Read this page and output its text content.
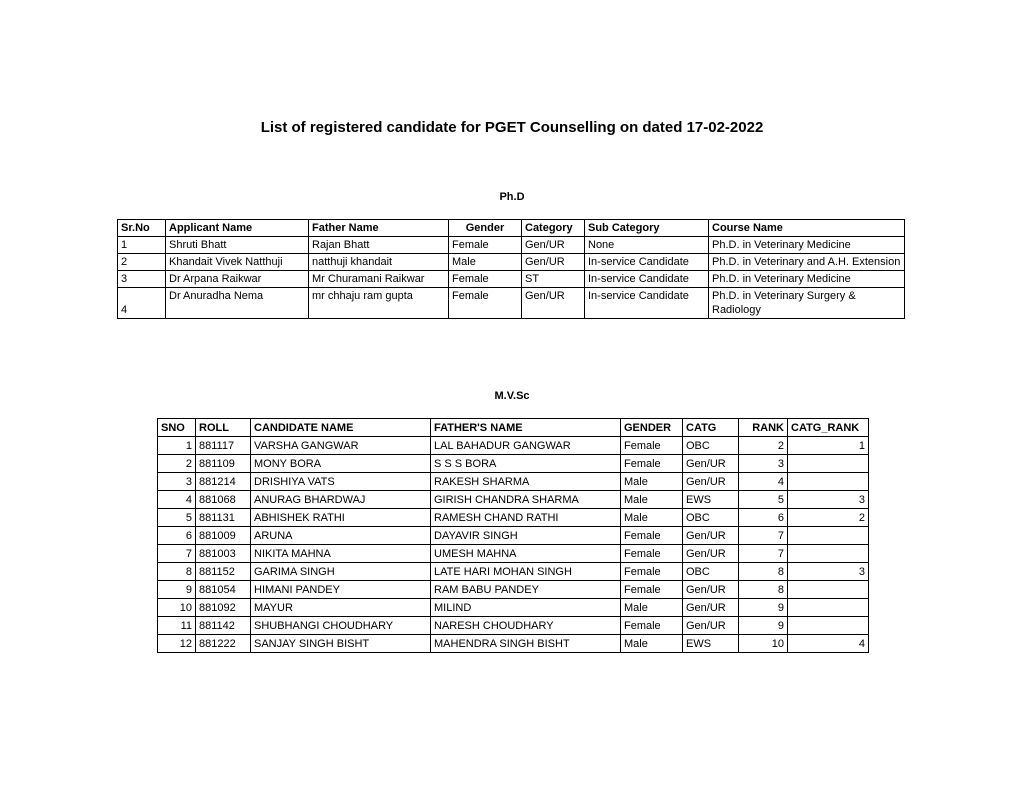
List of registered candidate for PGET Counselling on dated 17-02-2022
Ph.D
Sr.No	Applicant Name	Father Name	Gender	Category	Sub Category	Course Name
1	Shruti Bhatt	Rajan Bhatt	Female	Gen/UR	None	Ph.D. in Veterinary Medicine
2	Khandait Vivek Natthuji	natthuji khandait	Male	Gen/UR	In-service Candidate	Ph.D. in Veterinary and A.H. Extension
3	Dr Arpana Raikwar	Mr Churamani Raikwar	Female	ST	In-service Candidate	Ph.D. in Veterinary Medicine
4	Dr Anuradha Nema	mr chhaju ram gupta	Female	Gen/UR	In-service Candidate	Ph.D. in Veterinary Surgery & Radiology
M.V.Sc
SNO	ROLL	CANDIDATE NAME	FATHER'S NAME	GENDER	CATG	RANK	CATG_RANK
1	881117	VARSHA GANGWAR	LAL BAHADUR GANGWAR	Female	OBC	2	1
2	881109	MONY BORA	S S S BORA	Female	Gen/UR	3	
3	881214	DRISHIYA VATS	RAKESH SHARMA	Male	Gen/UR	4	
4	881068	ANURAG BHARDWAJ	GIRISH CHANDRA SHARMA	Male	EWS	5	3
5	881131	ABHISHEK RATHI	RAMESH CHAND RATHI	Male	OBC	6	2
6	881009	ARUNA	DAYAVIR SINGH	Female	Gen/UR	7	
7	881003	NIKITA MAHNA	UMESH MAHNA	Female	Gen/UR	7	
8	881152	GARIMA SINGH	LATE HARI MOHAN SINGH	Female	OBC	8	3
9	881054	HIMANI PANDEY	RAM BABU PANDEY	Female	Gen/UR	8	
10	881092	MAYUR	MILIND	Male	Gen/UR	9	
11	881142	SHUBHANGI CHOUDHARY	NARESH CHOUDHARY	Female	Gen/UR	9	
12	881222	SANJAY SINGH BISHT	MAHENDRA SINGH BISHT	Male	EWS	10	4
